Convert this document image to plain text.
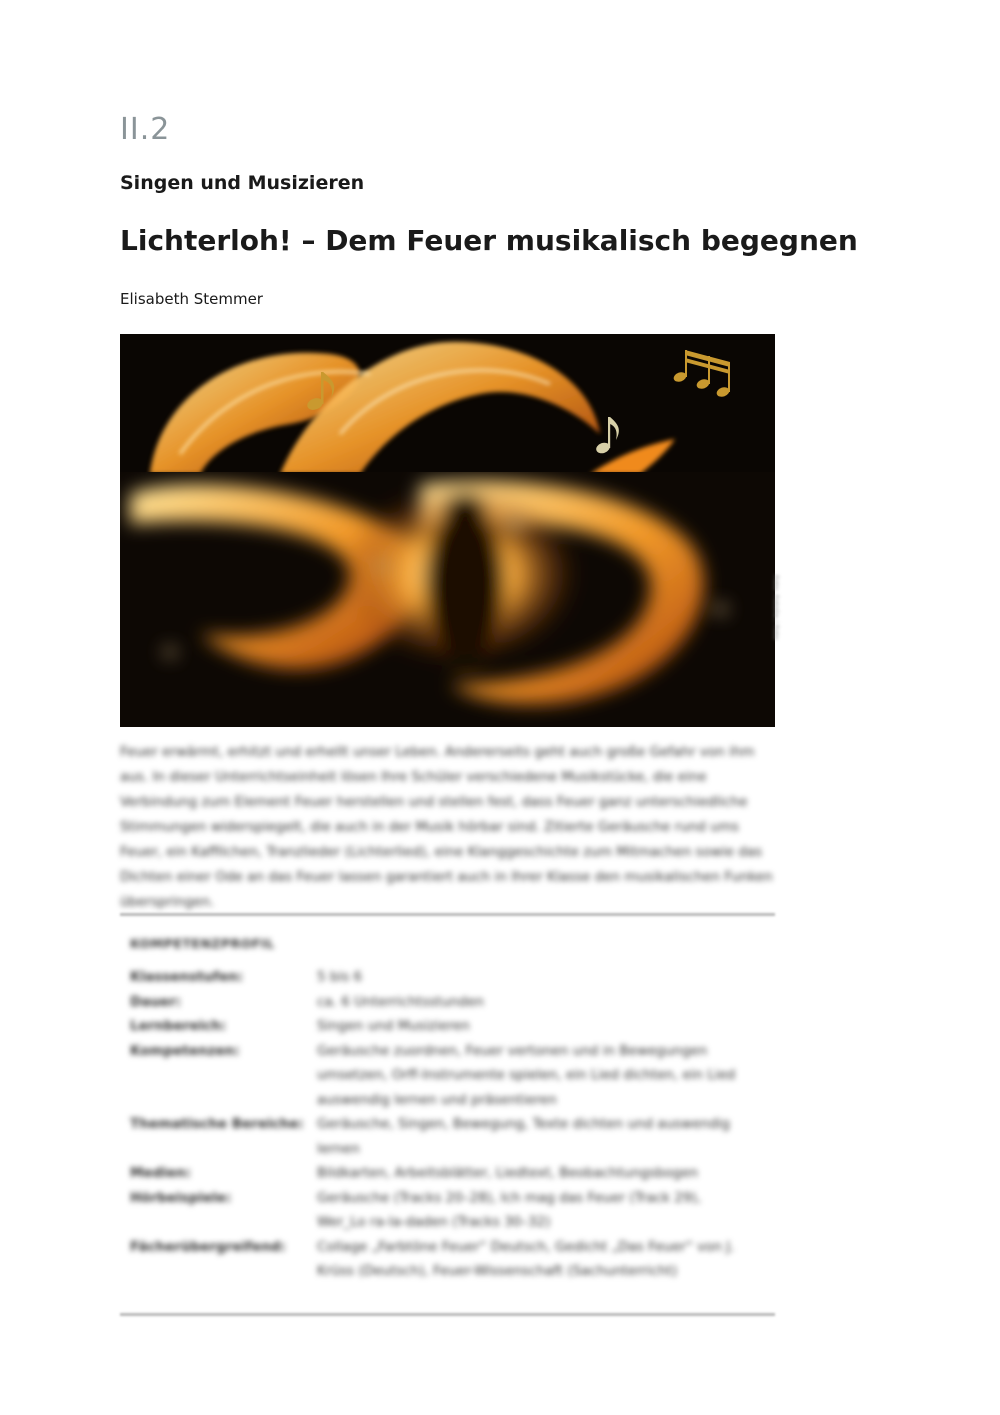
II.2
Singen und Musizieren
Lichterloh! – Dem Feuer musikalisch begegnen
Elisabeth Stemmer
Foto: Fotolia / Foto
Feuer erwärmt, erhitzt und erhellt unser Leben. Andererseits geht auch große Gefahr von ihm aus. In dieser Unterrichtseinheit lösen Ihre Schüler verschiedene Musikstücke, die eine Verbindung zum Element Feuer herstellen und stellen fest, dass Feuer ganz unterschiedliche Stimmungen widerspiegelt, die auch in der Musik hörbar sind. Zitierte Geräusche rund ums Feuer, ein Kaffilchen, Tranzlieder (Lichterlied), eine Klanggeschichte zum Mitmachen sowie das Dichten einer Ode an das Feuer lassen garantiert auch in Ihrer Klasse den musikalischen Funken überspringen.
KOMPETENZPROFIL
Klassenstufen:	5 bis 6
Dauer:	ca. 6 Unterrichtsstunden
Lernbereich:	Singen und Musizieren
Kompetenzen:	Geräusche zuordnen, Feuer vertonen und in Bewegungen umsetzen, Orff-Instrumente spielen, ein Lied dichten, ein Lied auswendig lernen und präsentieren
Thematische Bereiche: Geräusche, Singen, Bewegung, Texte dichten und auswendig lernen
Medien:	Bildkarten, Arbeitsblätter, Liedtext, Beobachtungsbogen
Hörbeispiele:	Geräusche (Tracks 20–28), Ich mag das Feuer (Track 29), Wer_Lo ra-la-daden (Tracks 30–32)
Fächerübergreifend:	Collage „Farbtöne Feuer“ Deutsch, Gedicht „Das Feuer“ von J. Krüss (Deutsch), Feuer-Wissenschaft (Sachunterricht)
